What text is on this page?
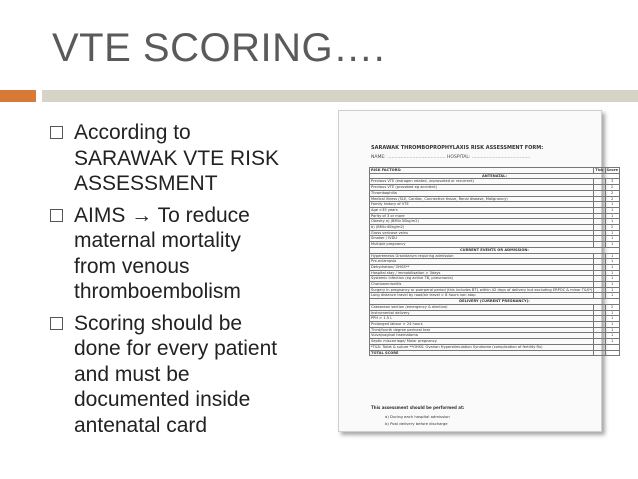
VTE SCORING….
According to
SARAWAK VTE RISK
ASSESSMENT
AIMS → To reduce
maternal mortality
from venous
thromboembolism
Scoring should be
done for every patient
and must be
documented inside
antenatal card
SARAWAK THROMBOPROPHYLAXIS RISK ASSESSMENT FORM:
NAME: ………………………………… HOSPITAL: …………………………………
RISK FACTORS:	Tick	Score
ANTENATAL:		
Previous VTE (estrogen related, unprovoked or recurrent)		3
Previous VTE (provoked eg accident)		2
Thrombophilia		2
Medical illness (SLE, Cardiac, Connective tissue, Renal disease, Malignancy)		2
Family history of VTE		1
Age >35 years		1
Parity of 3 or more		1
Obesity a) (BMI>30kg/m2)		1
b) (BMI>40kg/m2)		2
Gross varicose veins		1
Smoker / IVDU		1
Multiple pregnancy		1
CURRENT EVENTS OR ADMISSION:		
Hyperemesis Gravidarum requiring admission		1
Pre-eclampsia		1
Dehydration/ OHSS**		1
Hospital stay / immobilisation > 3days		1
Systemic infection (eg active TB, pneumonia)		1
Chorioamnionitis		1
Surgery in pregnancy or puerperal period (this includes BTL within 42 days of delivery but excluding ERPOC & minor T&S*)		1
Long distance travel by road/air travel > 8 hours non stop		1
DELIVERY (CURRENT PREGNANCY):		
Caesarean section (emergency & elective)		2
Instrumental delivery		1
PPH > 1.5 L		1
Prolonged labour > 24 hours		1
Third/fourth degree perineal tear		1
Vulva/vaginal haematoma		1
Septic miscarriage/ Molar pregnancy		1
*T&S: Toilet & suture **OHSS: Ovarian Hyperstimulation Syndrome (complication of fertility Rx)		
TOTAL SCORE		
This assessment should be performed at:
a) During each hospital admission
b) Post delivery before discharge
